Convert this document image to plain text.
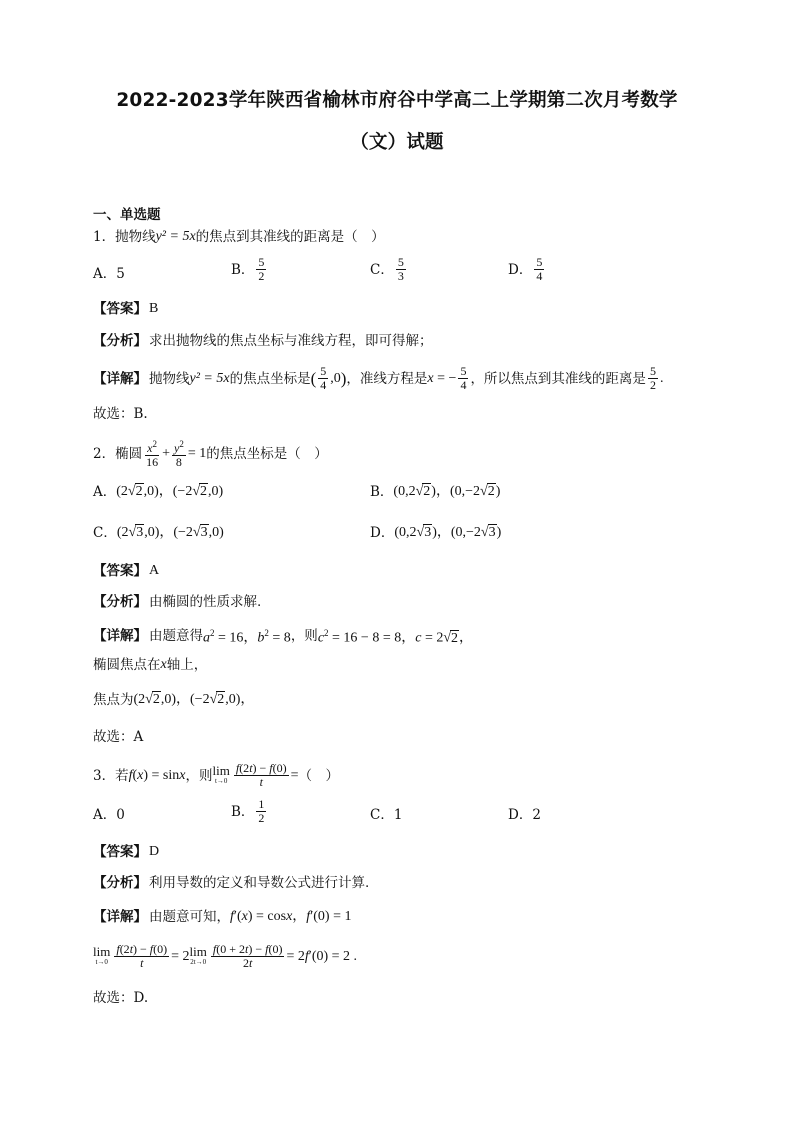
2022-2023学年陕西省榆林市府谷中学高二上学期第二次月考数学
（文）试题
一、单选题
1． 抛物线 y² = 5x 的焦点到其准线的距离是（　）
A．5	B． $\frac{5}{2}$	C． $\frac{5}{3}$	D． $\frac{5}{4}$
【答案】 B
【分析】 求出抛物线的焦点坐标与准线方程，即可得解；
【详解】 抛物线 y² = 5x 的焦点坐标是 ( $\frac{5}{4} ,0$ ) ，准线方程是 x = − $\frac{5}{4}$ ，所以焦点到其准线的距离是 $\frac{5}{2}$ .
故选：B.
2． 椭圆 $\frac{x^2}{16} + \frac{y^2}{8} = 1$ 的焦点坐标是（　）
A． (2√2,0)，(−2√2,0)	B． (0,2√2)，(0,−2√2)
C． (2√3,0)，(−2√3,0)	D． (0,2√3)，(0,−2√3)
【答案】 A
【分析】 由椭圆的性质求解.
【详解】 由题意得 $a^2 = 16$，$b^2 = 8$ ，则 $c^2 = 16 - 8 = 8$，c = 2√2，
椭圆焦点在 x 轴上，
焦点为 (2√2,0)，(−2√2,0)，
故选：A
3． 若 f(x) = sinx ，则 lim
$t\to 0 \frac{f(2t) - f(0)}{t}$ = （　）
A．0	B． $\frac{1}{2}$	C．1	D．2
【答案】 D
【分析】 利用导数的定义和导数公式进行计算.
【详解】 由题意可知， f′(x) = cosx，f′(0) = 1
lim
$t\to 0 \frac{f(2t) - f(0)}{t} = 2$ lim
$2t\to 0 \frac{f(0 + 2t) - f(0)}{2t} = 2f'(0) = 2$ .
故选：D.
